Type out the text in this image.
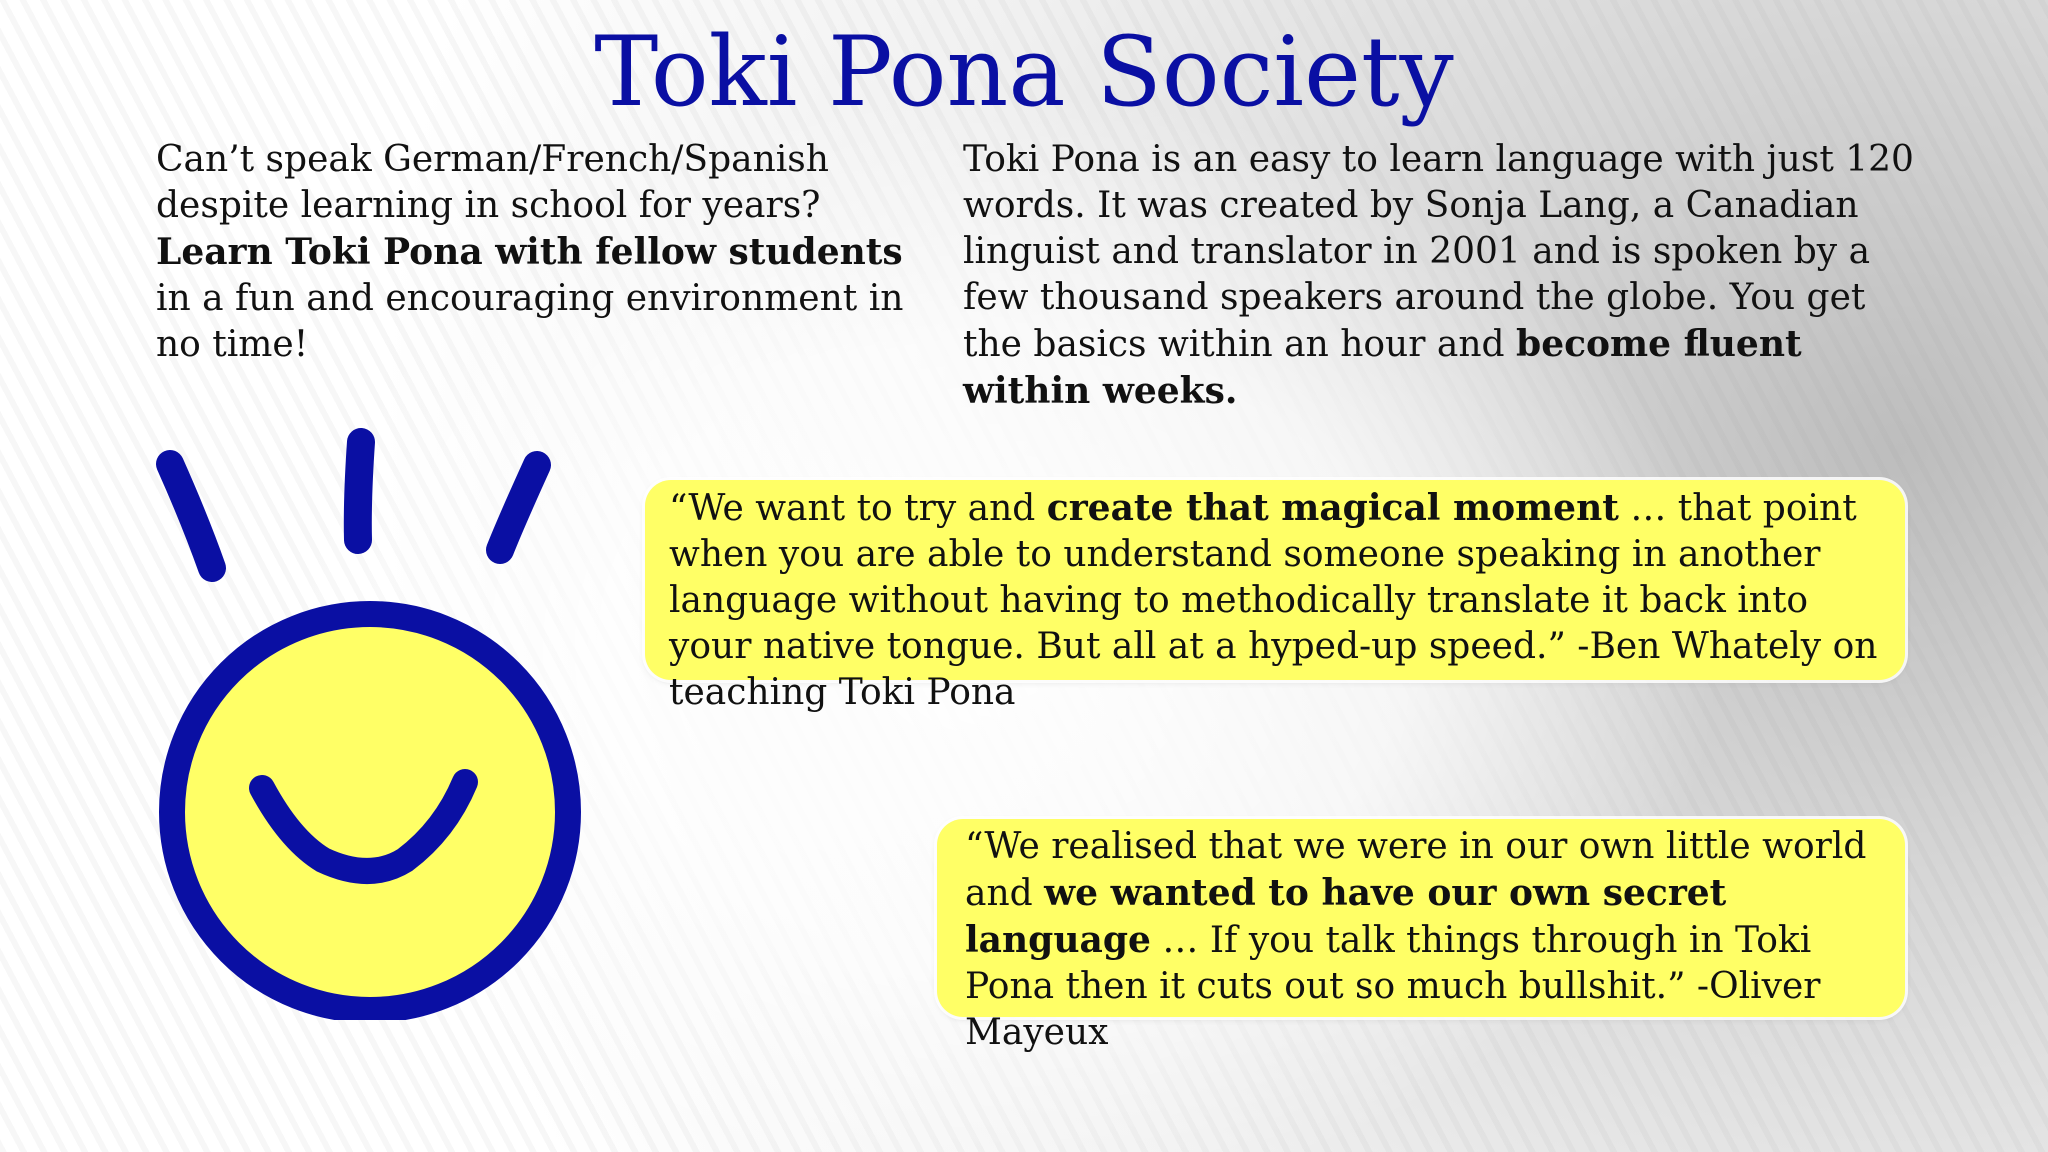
Toki Pona Society
Can’t speak German/French/Spanish despite learning in school for years? Learn Toki Pona with fellow students in a fun and encouraging environment in no time!
Toki Pona is an easy to learn language with just 120 words. It was created by Sonja Lang, a Canadian linguist and translator in 2001 and is spoken by a few thousand speakers around the globe. You get the basics within an hour and become fluent within weeks.
“We want to try and create that magical moment … that point when you are able to understand someone speaking in another language without having to methodically translate it back into your native tongue. But all at a hyped-up speed.” -Ben Whately on teaching Toki Pona
“We realised that we were in our own little world and we wanted to have our own secret language … If you talk things through in Toki Pona then it cuts out so much bullshit.” -Oliver Mayeux
